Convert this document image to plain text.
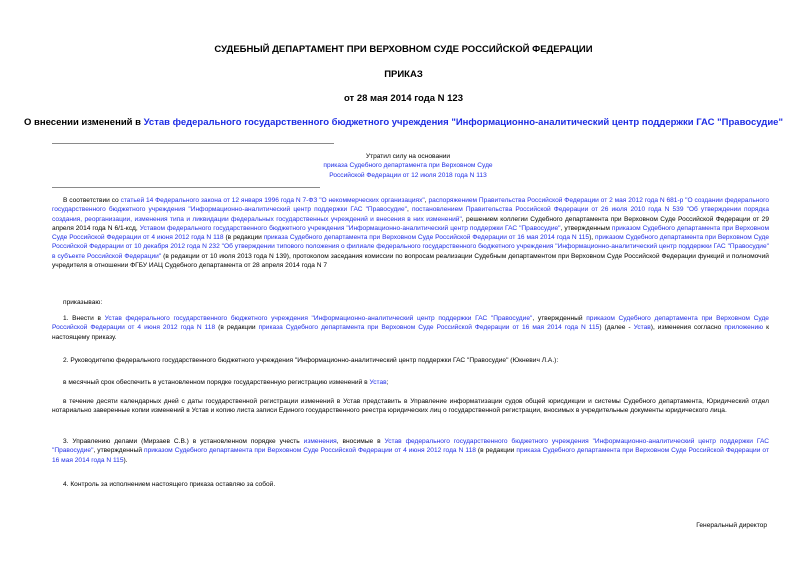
СУДЕБНЫЙ ДЕПАРТАМЕНТ ПРИ ВЕРХОВНОМ СУДЕ РОССИЙСКОЙ ФЕДЕРАЦИИ
ПРИКАЗ
от 28 мая 2014 года N 123
О внесении изменений в Устав федерального государственного бюджетного учреждения "Информационно-аналитический центр поддержки ГАС "Правосудие"
Утратил силу на основании
приказа Судебного департамента при Верховном Суде
Российской Федерации от 12 июля 2018 года N 113

В соответствии со статьей 14 Федерального закона от 12 января 1996 года N 7-ФЗ "О некоммерческих организациях", распоряжением Правительства Российской Федерации от 2 мая 2012 года N 681-р "О создании федерального государственного бюджетного учреждения "Информационно-аналитический центр поддержки ГАС "Правосудие", постановлением Правительства Российской Федерации от 26 июля 2010 года N 539 "Об утверждении порядка создания, реорганизации, изменения типа и ликвидации федеральных государственных учреждений и внесения в них изменений", решением коллегии Судебного департамента при Верховном Суде Российской Федерации от 29 апреля 2014 года N 6/1-ксд, Уставом федерального государственного бюджетного учреждения "Информационно-аналитический центр поддержки ГАС "Правосудие", утвержденным приказом Судебного департамента при Верховном Суде Российской Федерации от 4 июня 2012 года N 118 (в редакции приказа Судебного департамента при Верховном Суде Российской Федерации от 16 мая 2014 года N 115), приказом Судебного департамента при Верховном Суде Российской Федерации от 10 декабря 2012 года N 232 "Об утверждении типового положения о филиале федерального государственного бюджетного учреждения "Информационно-аналитический центр поддержки ГАС "Правосудие" в субъекте Российской Федерации" (в редакции от 10 июля 2013 года N 139), протоколом заседания комиссии по вопросам реализации Судебным департаментом при Верховном Суде Российской Федерации функций и полномочий учредителя в отношении ФГБУ ИАЦ Судебного департамента от 28 апреля 2014 года N 7

приказываю:

1. Внести в Устав федерального государственного бюджетного учреждения "Информационно-аналитический центр поддержки ГАС "Правосудие", утвержденный приказом Судебного департамента при Верховном Суде Российской Федерации от 4 июня 2012 года N 118 (в редакции приказа Судебного департамента при Верховном Суде Российской Федерации от 16 мая 2014 года N 115) (далее - Устав), изменения согласно приложению к настоящему приказу.

2. Руководителю федерального государственного бюджетного учреждения "Информационно-аналитический центр поддержки ГАС "Правосудие" (Юкневич Л.А.):

в месячный срок обеспечить в установленном порядке государственную регистрацию изменений в Устав;

в течение десяти календарных дней с даты государственной регистрации изменений в Устав представить в Управление информатизации судов общей юрисдикции и системы Судебного департамента, Юридический отдел нотариально заверенные копии изменений в Устав и копию листа записи Единого государственного реестра юридических лиц о государственной регистрации, вносимых в учредительные документы юридического лица.

3. Управлению делами (Мирзаев С.В.) в установленном порядке учесть изменения, вносимые в Устав федерального государственного бюджетного учреждения "Информационно-аналитический центр поддержки ГАС "Правосудие", утвержденный приказом Судебного департамента при Верховном Суде Российской Федерации от 4 июня 2012 года N 118 (в редакции приказа Судебного департамента при Верховном Суде Российской Федерации от 16 мая 2014 года N 115).

4. Контроль за исполнением настоящего приказа оставляю за собой.

Генеральный директор
